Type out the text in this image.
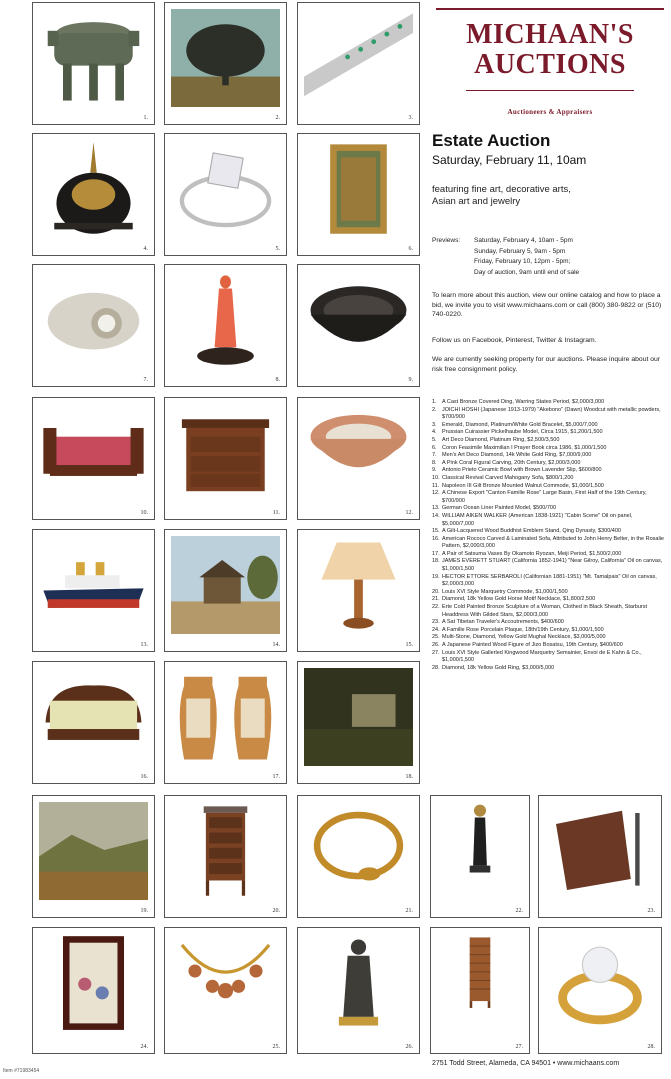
1.	2.	3.
MICHAAN'S
AUCTIONS
Auctioneers & Appraisers
4.	5.	6.
Estate Auction
Saturday, February 11, 10am
featuring fine art, decorative arts,
Asian art and jewelry
Previews: Saturday, February 4, 10am - 5pm
Sunday, February 5, 9am - 5pm
Friday, February 10, 12pm - 5pm;
Day of auction, 9am until end of sale
7.	8.	9.
To learn more about this auction, view our online catalog and how to place a bid, we invite you to visit www.michaans.com or call (800) 380-9822 or (510) 740-0220.
Follow us on Facebook, Pinterest, Twitter & Instagram.
We are currently seeking property for our auctions. Please inquire about our risk free consignment policy.
10.	11.	12.
13.	14.	15.
16.	17.	18.
19.	20.	21.	22.	23.
24.	25.	26.	27.	28.
1. A Cast Bronze Covered Ding, Warring States Period, $2,000/3,000
2. JOICHI HOSHI (Japanese 1913-1979) "Akebono" (Dawn) Woodcut with metallic powders, $700/900
3. Emerald, Diamond, Platinum/White Gold Bracelet, $5,000/7,000
4. Prussian Cuirassier Pickelhaube Model, Circa 1915, $1,200/1,500
5. Art Deco Diamond, Platinum Ring, $2,500/3,500
6. Coron Feasimile Maximilian I Prayer Book circa 1986, $1,000/1,500
7. Men's Art Deco Diamond, 14k White Gold Ring, $7,000/9,000
8. A Pink Coral Figural Carving, 20th Century, $2,000/3,000
9. Antonio Prieto Ceramic Bowl with Brown Lavender Slip, $600/800
10. Classical Revival Carved Mahogany Sofa, $800/1,200
11. Napoleon III Gilt Bronze Mounted Walnut Commode, $1,000/1,500
12. A Chinese Export "Canton Famille Rose" Large Basin, First Half of the 19th Century, $700/900
13. German Ocean Liner Painted Model, $500/700
14. WILLIAM AIKEN WALKER (American 1838-1921) "Cabin Scene" Oil on panel, $5,000/7,000
15. A Gilt-Lacquered Wood Buddhist Emblem Stand, Qing Dynasty, $300/400
16. American Rococo Carved & Laminated Sofa, Attributed to John Henry Belter, in the Rosalie Pattern, $2,000/3,000
17. A Pair of Satsuma Vases By Okamoto Ryozan, Meiji Period, $1,500/2,000
18. JAMES EVERETT STUART (California 1852-1941) "Near Gilroy, California" Oil on canvas, $1,000/1,500
19. HECTOR ETTORE SERBAROLI (Californian 1881-1951) "Mt. Tamalpais" Oil on canvas, $2,000/3,000
20. Louis XVI Style Marquetry Commode, $1,000/1,500
21. Diamond, 18k Yellow Gold Horse Motif Necklace, $1,800/2,500
22. Erte Cold Painted Bronze Sculpture of a Woman, Clothed in Black Sheath, Starburst Headdress With Gilded Stars, $2,000/3,000
23. A Sat Tibetan Traveler's Accoutrements, $400/600
24. A Famille Rose Porcelain Plaque, 18th/19th Century, $1,000/1,500
25. Multi-Stone, Diamond, Yellow Gold Mughal Necklace, $3,000/5,000
26. A Japanese Painted Wood Figure of Jizo Bosatsu, 19th Century, $400/600
27. Louis XVI Style Gallerled Kingwood Marquetry Semainier, Envoi de E Kahn & Co., $1,000/1,500
28. Diamond, 18k Yellow Gold Ring, $3,000/5,000
2751 Todd Street, Alameda, CA 94501 • www.michaans.com
Item #71983454
